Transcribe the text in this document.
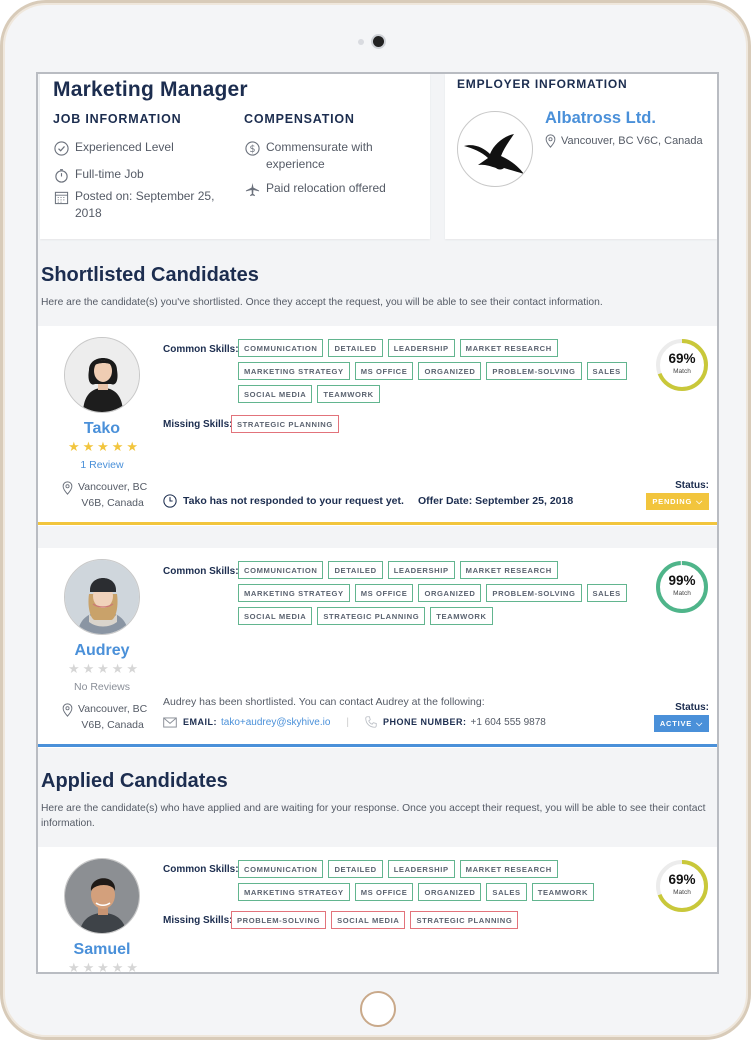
Marketing Manager
JOB INFORMATION	COMPENSATION
Experienced Level
Full-time Job
Posted on: September 25, 2018
$ Commensurate with experience
Paid relocation offered
EMPLOYER INFORMATION
Albatross Ltd.
Vancouver, BC V6C, Canada
Shortlisted Candidates
Here are the candidate(s) you've shortlisted. Once they accept the request, you will be able to see their contact information.
Tako
★ ★ ★ ★ ★
1 Review
Vancouver, BC
V6B, Canada
Common Skills: COMMUNICATION	DETAILED	LEADERSHIP	MARKET RESEARCH
MARKETING STRATEGY	MS OFFICE	ORGANIZED	PROBLEM-SOLVING	SALES
SOCIAL MEDIA	TEAMWORK
Missing Skills: STRATEGIC PLANNING
69%
Match
Tako has not responded to your request yet. Offer Date: September 25, 2018
Status:
PENDING ⌵
Audrey
★ ★ ★ ★ ★
No Reviews
Vancouver, BC
V6B, Canada
Common Skills: COMMUNICATION	DETAILED	LEADERSHIP	MARKET RESEARCH
MARKETING STRATEGY	MS OFFICE	ORGANIZED	PROBLEM-SOLVING	SALES
SOCIAL MEDIA	STRATEGIC PLANNING	TEAMWORK
99%
Match
Audrey has been shortlisted. You can contact Audrey at the following:
EMAIL: tako+audrey@skyhive.io |	PHONE NUMBER: +1 604 555 9878
Status:
ACTIVE ⌵
Applied Candidates
Here are the candidate(s) who have applied and are waiting for your response. Once you accept their request, you will be able to see their contact information.
Samuel
★ ★ ★ ★ ★
Common Skills: COMMUNICATION	DETAILED	LEADERSHIP	MARKET RESEARCH
MARKETING STRATEGY	MS OFFICE	ORGANIZED	SALES	TEAMWORK
Missing Skills: PROBLEM-SOLVING	SOCIAL MEDIA	STRATEGIC PLANNING
69%
Match
